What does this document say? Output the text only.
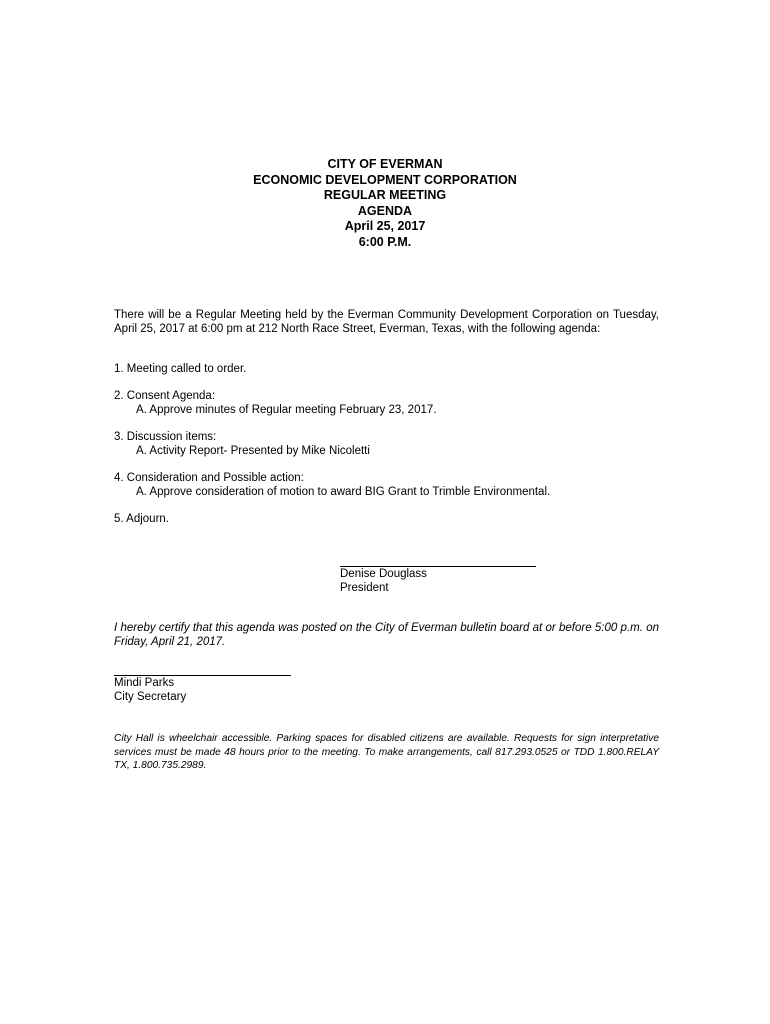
CITY OF EVERMAN
ECONOMIC DEVELOPMENT CORPORATION
REGULAR MEETING
AGENDA
April 25, 2017
6:00 P.M.
There will be a Regular Meeting held by the Everman Community Development Corporation on Tuesday, April 25, 2017 at 6:00 pm at 212 North Race Street, Everman, Texas, with the following agenda:
1. Meeting called to order.
2. Consent Agenda:
A. Approve minutes of Regular meeting February 23, 2017.
3. Discussion items:
A. Activity Report- Presented by Mike Nicoletti
4. Consideration and Possible action:
A. Approve consideration of motion to award BIG Grant to Trimble Environmental.
5. Adjourn.
Denise Douglass
President
I hereby certify that this agenda was posted on the City of Everman bulletin board at or before 5:00 p.m. on Friday, April 21, 2017.
Mindi Parks
City Secretary
City Hall is wheelchair accessible. Parking spaces for disabled citizens are available. Requests for sign interpretative services must be made 48 hours prior to the meeting. To make arrangements, call 817.293.0525 or TDD 1.800.RELAY TX, 1.800.735.2989.
